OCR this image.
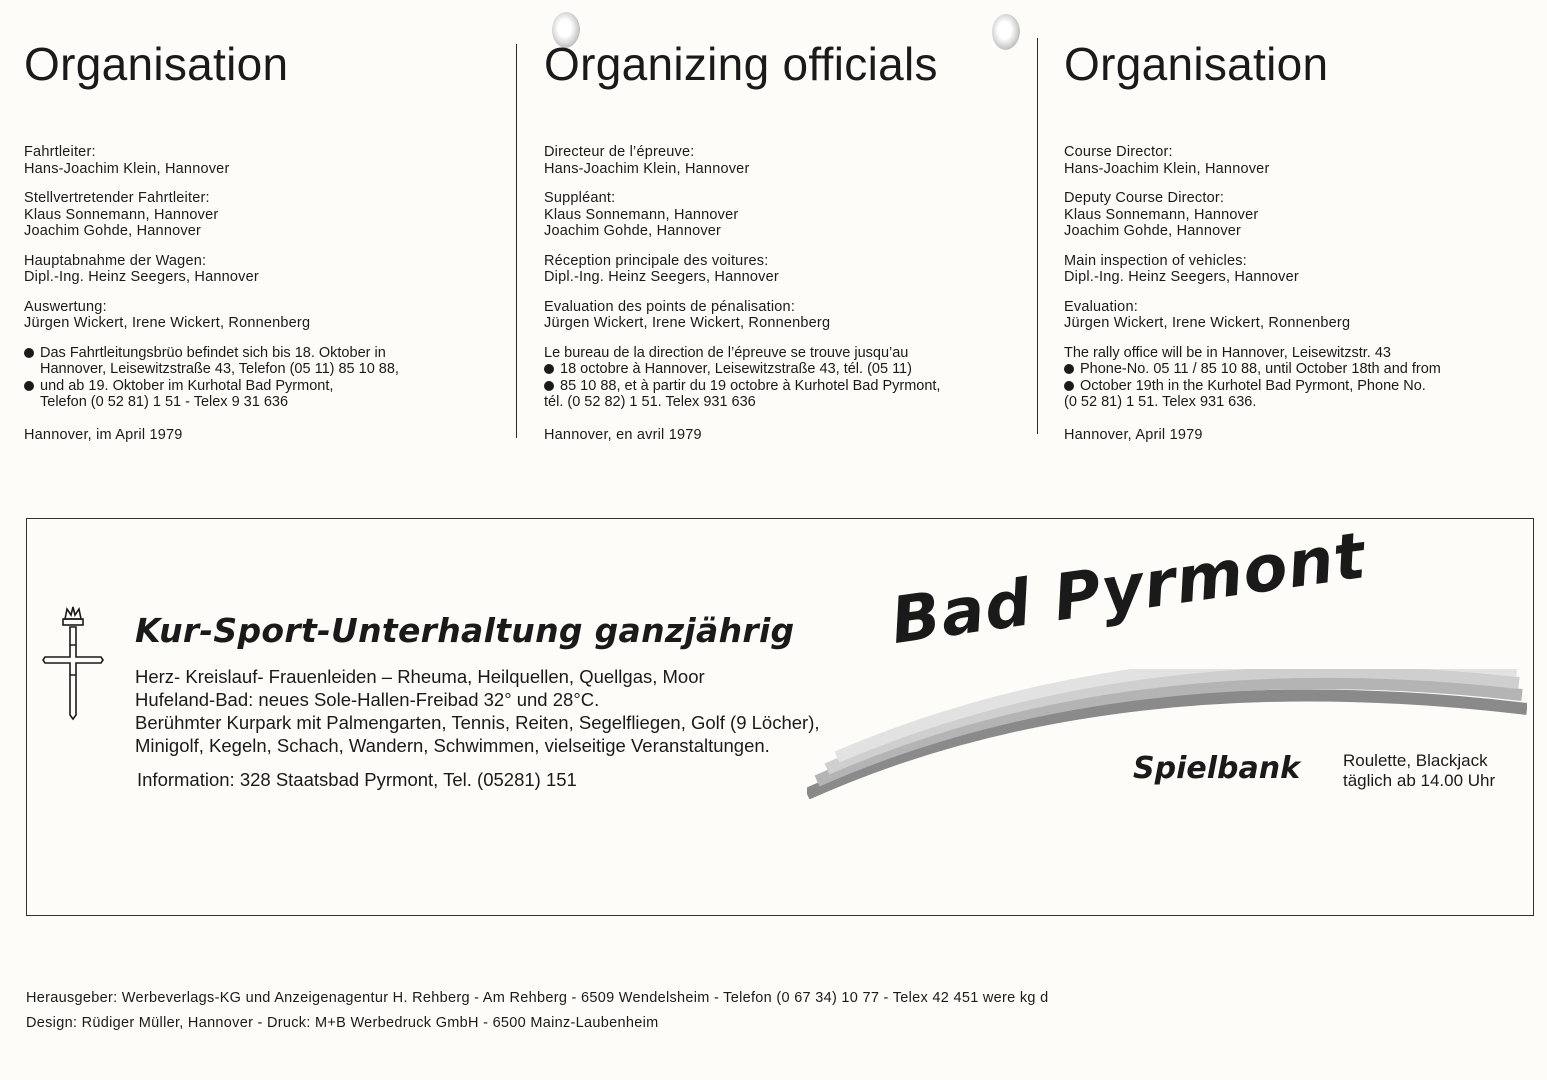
Organisation
Fahrtleiter:
Hans-Joachim Klein, Hannover
Stellvertretender Fahrtleiter:
Klaus Sonnemann, Hannover
Joachim Gohde, Hannover
Hauptabnahme der Wagen:
Dipl.-Ing. Heinz Seegers, Hannover
Auswertung:
Jürgen Wickert, Irene Wickert, Ronnenberg
Das Fahrtleitungsbrüo befindet sich bis 18. Oktober in
Hannover, Leisewitzstraße 43, Telefon (05 11) 85 10 88,
und ab 19. Oktober im Kurhotal Bad Pyrmont,
Telefon (0 52 81) 1 51 - Telex 9 31 636
Hannover, im April 1979
Organizing officials
Directeur de l’épreuve:
Hans-Joachim Klein, Hannover
Suppléant:
Klaus Sonnemann, Hannover
Joachim Gohde, Hannover
Réception principale des voitures:
Dipl.-Ing. Heinz Seegers, Hannover
Evaluation des points de pénalisation:
Jürgen Wickert, Irene Wickert, Ronnenberg
Le bureau de la direction de l’épreuve se trouve jusqu’au
18 octobre à Hannover, Leisewitzstraße 43, tél. (05 11)
85 10 88, et à partir du 19 octobre à Kurhotel Bad Pyrmont,
tél. (0 52 82) 1 51. Telex 931 636
Hannover, en avril 1979
Organisation
Course Director:
Hans-Joachim Klein, Hannover
Deputy Course Director:
Klaus Sonnemann, Hannover
Joachim Gohde, Hannover
Main inspection of vehicles:
Dipl.-Ing. Heinz Seegers, Hannover
Evaluation:
Jürgen Wickert, Irene Wickert, Ronnenberg
The rally office will be in Hannover, Leisewitzstr. 43
Phone-No. 05 11 / 85 10 88, until October 18th and from
October 19th in the Kurhotel Bad Pyrmont, Phone No.
(0 52 81) 1 51. Telex 931 636.
Hannover, April 1979
Kur-Sport-Unterhaltung ganzjährig
Herz- Kreislauf- Frauenleiden – Rheuma, Heilquellen, Quellgas, Moor
Hufeland-Bad: neues Sole-Hallen-Freibad 32° und 28°C.
Berühmter Kurpark mit Palmengarten, Tennis, Reiten, Segelfliegen, Golf (9 Löcher),
Minigolf, Kegeln, Schach, Wandern, Schwimmen, vielseitige Veranstaltungen.
Information: 328 Staatsbad Pyrmont, Tel. (05281) 151
Bad Pyrmont
Spielbank	Roulette, Blackjack
täglich ab 14.00 Uhr
Herausgeber: Werbeverlags-KG und Anzeigenagentur H. Rehberg - Am Rehberg - 6509 Wendelsheim - Telefon (0 67 34) 10 77 - Telex 42 451 were kg d
Design: Rüdiger Müller, Hannover - Druck: M+B Werbedruck GmbH - 6500 Mainz-Laubenheim
